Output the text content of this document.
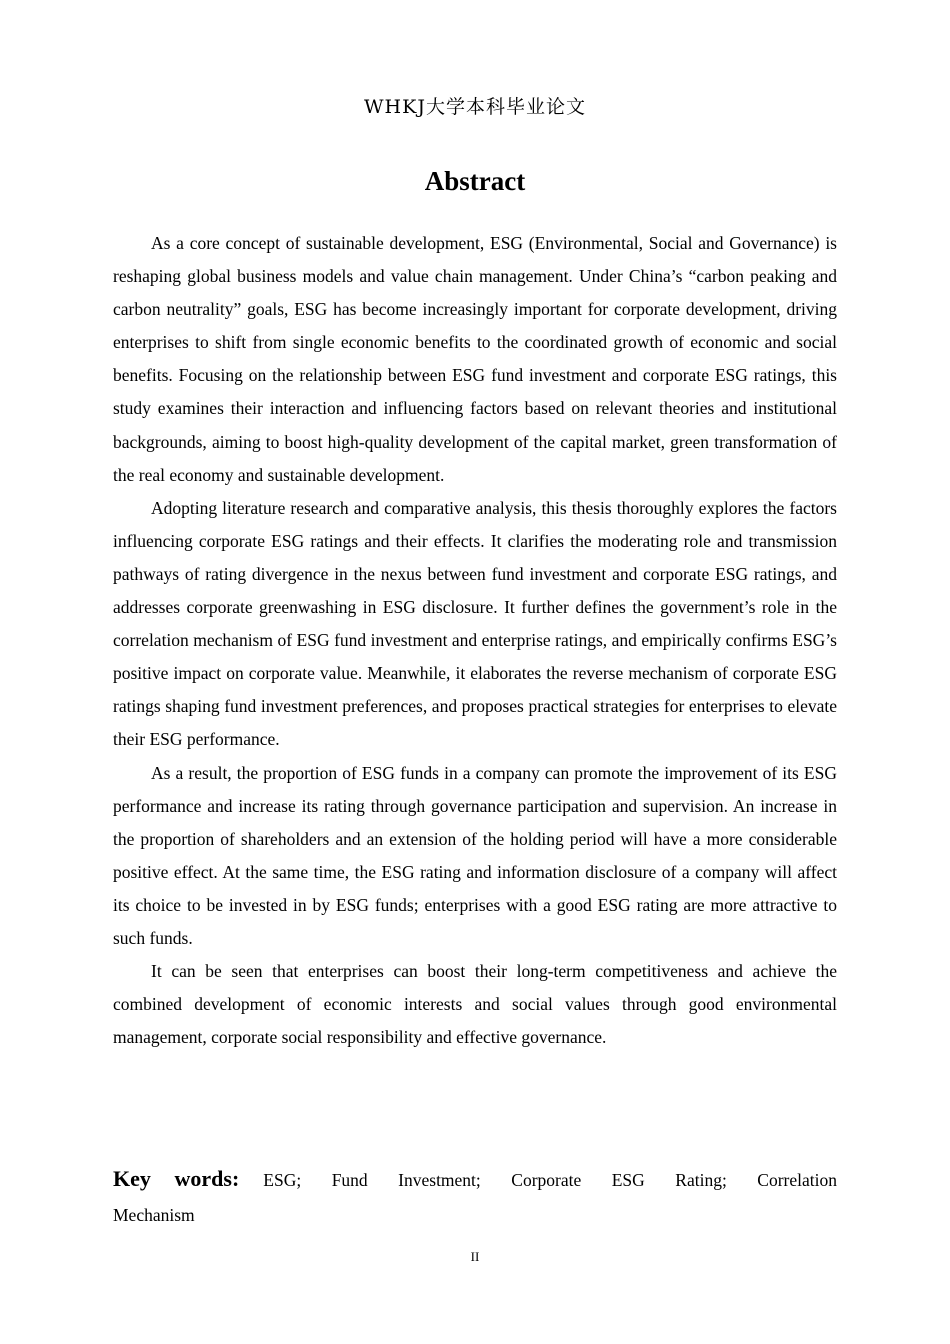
WHKJ大学本科毕业论文
Abstract

As a core concept of sustainable development, ESG (Environmental, Social and Governance) is reshaping global business models and value chain management. Under China’s “carbon peaking and carbon neutrality” goals, ESG has become increasingly important for corporate development, driving enterprises to shift from single economic benefits to the coordinated growth of economic and social benefits. Focusing on the relationship between ESG fund investment and corporate ESG ratings, this study examines their interaction and influencing factors based on relevant theories and institutional backgrounds, aiming to boost high-quality development of the capital market, green transformation of the real economy and sustainable development.

Adopting literature research and comparative analysis, this thesis thoroughly explores the factors influencing corporate ESG ratings and their effects. It clarifies the moderating role and transmission pathways of rating divergence in the nexus between fund investment and corporate ESG ratings, and addresses corporate greenwashing in ESG disclosure. It further defines the government’s role in the correlation mechanism of ESG fund investment and enterprise ratings, and empirically confirms ESG’s positive impact on corporate value. Meanwhile, it elaborates the reverse mechanism of corporate ESG ratings shaping fund investment preferences, and proposes practical strategies for enterprises to elevate their ESG performance.

As a result, the proportion of ESG funds in a company can promote the improvement of its ESG performance and increase its rating through governance participation and supervision. An increase in the proportion of shareholders and an extension of the holding period will have a more considerable positive effect. At the same time, the ESG rating and information disclosure of a company will affect its choice to be invested in by ESG funds; enterprises with a good ESG rating are more attractive to such funds.

It can be seen that enterprises can boost their long-term competitiveness and achieve the combined development of economic interests and social values through good environmental management, corporate social responsibility and effective governance.

Key words: ESG; Fund Investment; Corporate ESG Rating; Correlation Mechanism
II
